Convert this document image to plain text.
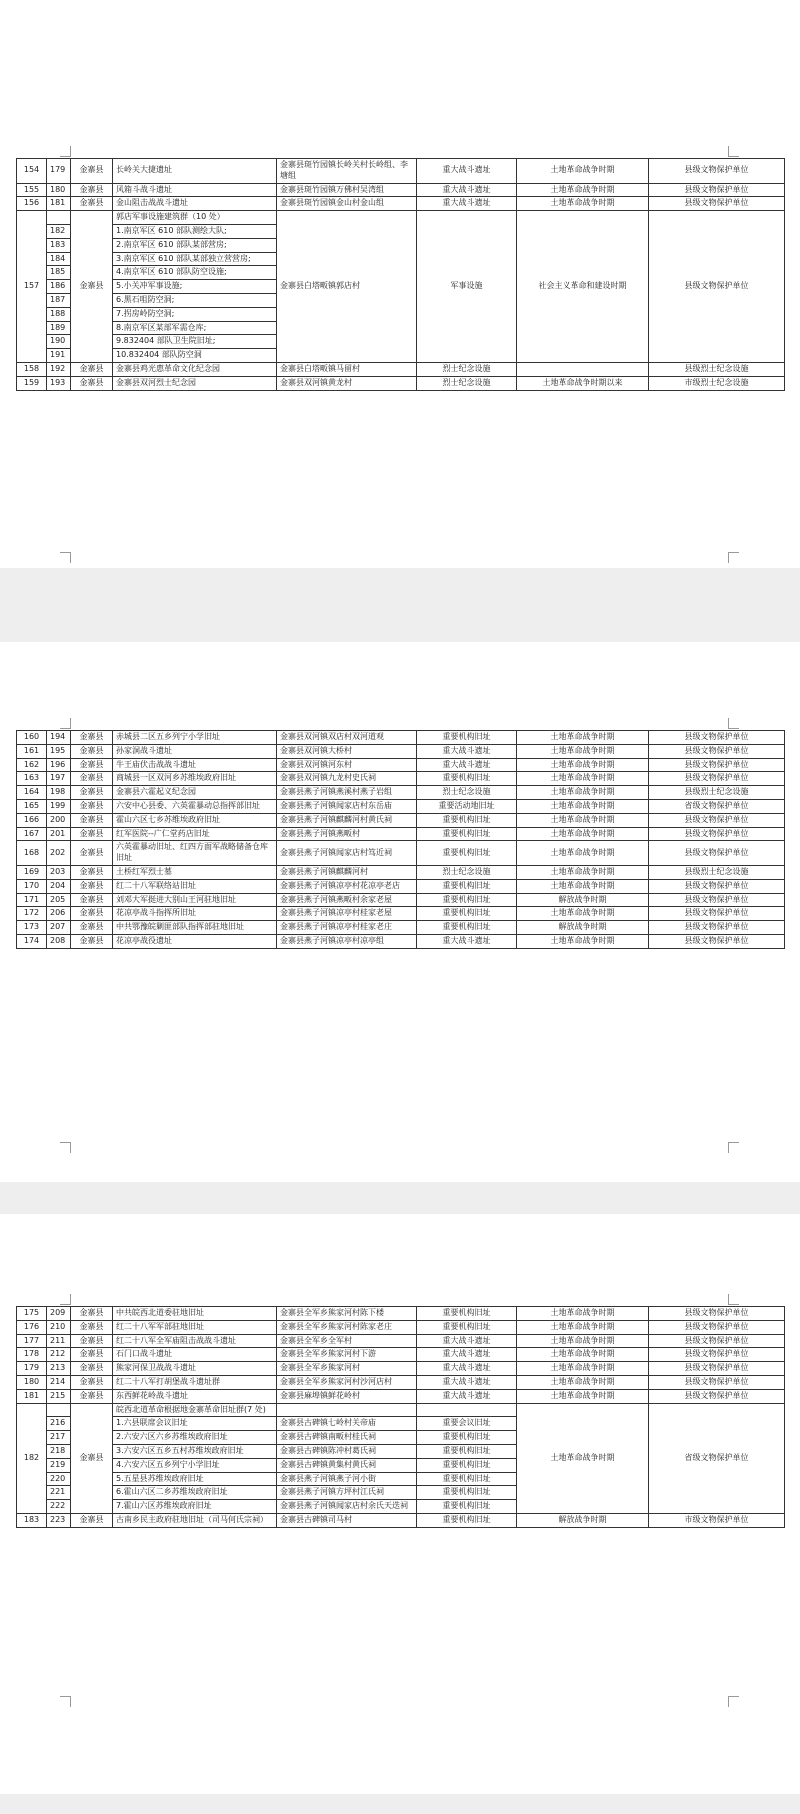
154	179	金寨县	长岭关大捷遗址	金寨县斑竹园镇长岭关村长岭组、李塘组	重大战斗遗址	土地革命战争时期	县级文物保护单位
155	180	金寨县	风箱斗战斗遗址	金寨县斑竹园镇万佛村吴湾组	重大战斗遗址	土地革命战争时期	县级文物保护单位
156	181	金寨县	金山阻击战战斗遗址	金寨县斑竹园镇金山村金山组	重大战斗遗址	土地革命战争时期	县级文物保护单位
157		金寨县	郭店军事设施建筑群（10 处）	金寨县白塔畈镇郭店村	军事设施	社会主义革命和建设时期	县级文物保护单位
	182		1.南京军区 610 部队测绘大队;				
	183		2.南京军区 610 部队某部营房;				
	184		3.南京军区 610 部队某部独立营营房;				
	185		4.南京军区 610 部队防空设施;				
	186		5.小关冲军事设施;				
	187		6.黑石咀防空洞;				
	188		7.拐房岭防空洞;				
	189		8.南京军区某部军需仓库;				
	190		9.832404 部队卫生院旧址;				
	191		10.832404 部队防空洞				
158	192	金寨县	金寨县鸡光惠革命文化纪念园	金寨县白塔畈镇马留村	烈士纪念设施		县级烈士纪念设施
159	193	金寨县	金寨县双河烈士纪念园	金寨县双河镇黄龙村	烈士纪念设施	土地革命战争时期以来	市级烈士纪念设施
160	194	金寨县	赤城县二区五乡列宁小学旧址	金寨县双河镇双店村双河道观	重要机构旧址	土地革命战争时期	县级文物保护单位
161	195	金寨县	孙家洞战斗遗址	金寨县双河镇大桥村	重大战斗遗址	土地革命战争时期	县级文物保护单位
162	196	金寨县	牛王庙伏击战战斗遗址	金寨县双河镇河东村	重大战斗遗址	土地革命战争时期	县级文物保护单位
163	197	金寨县	商城县一区双河乡苏维埃政府旧址	金寨县双河镇九龙村史氏祠	重要机构旧址	土地革命战争时期	县级文物保护单位
164	198	金寨县	金寨县六霍起义纪念园	金寨县燕子河镇燕溪村燕子岩组	烈士纪念设施	土地革命战争时期	县级烈士纪念设施
165	199	金寨县	六安中心县委、六英霍暴动总指挥部旧址	金寨县燕子河镇闻家店村东岳庙	重要活动地旧址	土地革命战争时期	省级文物保护单位
166	200	金寨县	霍山六区七乡苏维埃政府旧址	金寨县燕子河镇麒麟河村黄氏祠	重要机构旧址	土地革命战争时期	县级文物保护单位
167	201	金寨县	红军医院--广仁堂药店旧址	金寨县燕子河镇燕畈村	重要机构旧址	土地革命战争时期	县级文物保护单位
168	202	金寨县	六英霍暴动旧址、红四方面军战略储备仓库旧址	金寨县燕子河镇闻家店村笃近祠	重要机构旧址	土地革命战争时期	县级文物保护单位
169	203	金寨县	土桥红军烈士墓	金寨县燕子河镇麒麟河村	烈士纪念设施	土地革命战争时期	县级烈士纪念设施
170	204	金寨县	红二十八军联络站旧址	金寨县燕子河镇凉亭村花凉亭老店	重要机构旧址	土地革命战争时期	县级文物保护单位
171	205	金寨县	刘邓大军挺进大别山王河驻地旧址	金寨县燕子河镇燕畈村余家老屋	重要机构旧址	解放战争时期	县级文物保护单位
172	206	金寨县	花凉亭战斗指挥所旧址	金寨县燕子河镇凉亭村桂家老屋	重要机构旧址	土地革命战争时期	县级文物保护单位
173	207	金寨县	中共鄂豫皖剿匪部队指挥部驻地旧址	金寨县燕子河镇凉亭村桂家老庄	重要机构旧址	解放战争时期	县级文物保护单位
174	208	金寨县	花凉亭战役遗址	金寨县燕子河镇凉亭村凉亭组	重大战斗遗址	土地革命战争时期	县级文物保护单位
175	209	金寨县	中共皖西北道委驻地旧址	金寨县全军乡熊家河村陈下楼	重要机构旧址	土地革命战争时期	县级文物保护单位
176	210	金寨县	红二十八军军部驻地旧址	金寨县全军乡熊家河村陈家老庄	重要机构旧址	土地革命战争时期	县级文物保护单位
177	211	金寨县	红二十八军全军庙阻击战战斗遗址	金寨县全军乡全军村	重大战斗遗址	土地革命战争时期	县级文物保护单位
178	212	金寨县	石门口战斗遗址	金寨县全军乡熊家河村下游	重大战斗遗址	土地革命战争时期	县级文物保护单位
179	213	金寨县	熊家河保卫战战斗遗址	金寨县全军乡熊家河村	重大战斗遗址	土地革命战争时期	县级文物保护单位
180	214	金寨县	红二十八军打胡堡战斗遗址群	金寨县全军乡熊家河村沙河店村	重大战斗遗址	土地革命战争时期	县级文物保护单位
181	215	金寨县	东西鲜花岭战斗遗址	金寨县麻埠镇鲜花岭村	重大战斗遗址	土地革命战争时期	县级文物保护单位
182		金寨县	皖西北道革命根据地金寨革命旧址群(7 处)			土地革命战争时期	省级文物保护单位
	216		1.六县联席会议旧址	金寨县古碑镇七岭村关帝庙	重要会议旧址		
	217		2.六安六区六乡苏维埃政府旧址	金寨县古碑镇南畈村桂氏祠	重要机构旧址		
	218		3.六安六区五乡五村苏维埃政府旧址	金寨县古碑镇陈冲村葛氏祠	重要机构旧址		
	219		4.六安六区五乡列宁小学旧址	金寨县古碑镇黄集村黄氏祠	重要机构旧址		
	220		5.五星县苏维埃政府旧址	金寨县燕子河镇燕子河小街	重要机构旧址		
	221		6.霍山六区二乡苏维埃政府旧址	金寨县燕子河镇方坪村江氏祠	重要机构旧址		
	222		7.霍山六区苏维埃政府旧址	金寨县燕子河镇闻家店村余氏天迭祠	重要机构旧址		
183	223	金寨县	古南乡民主政府驻地旧址（司马何氏宗祠）	金寨县古碑镇司马村	重要机构旧址	解放战争时期	市级文物保护单位
